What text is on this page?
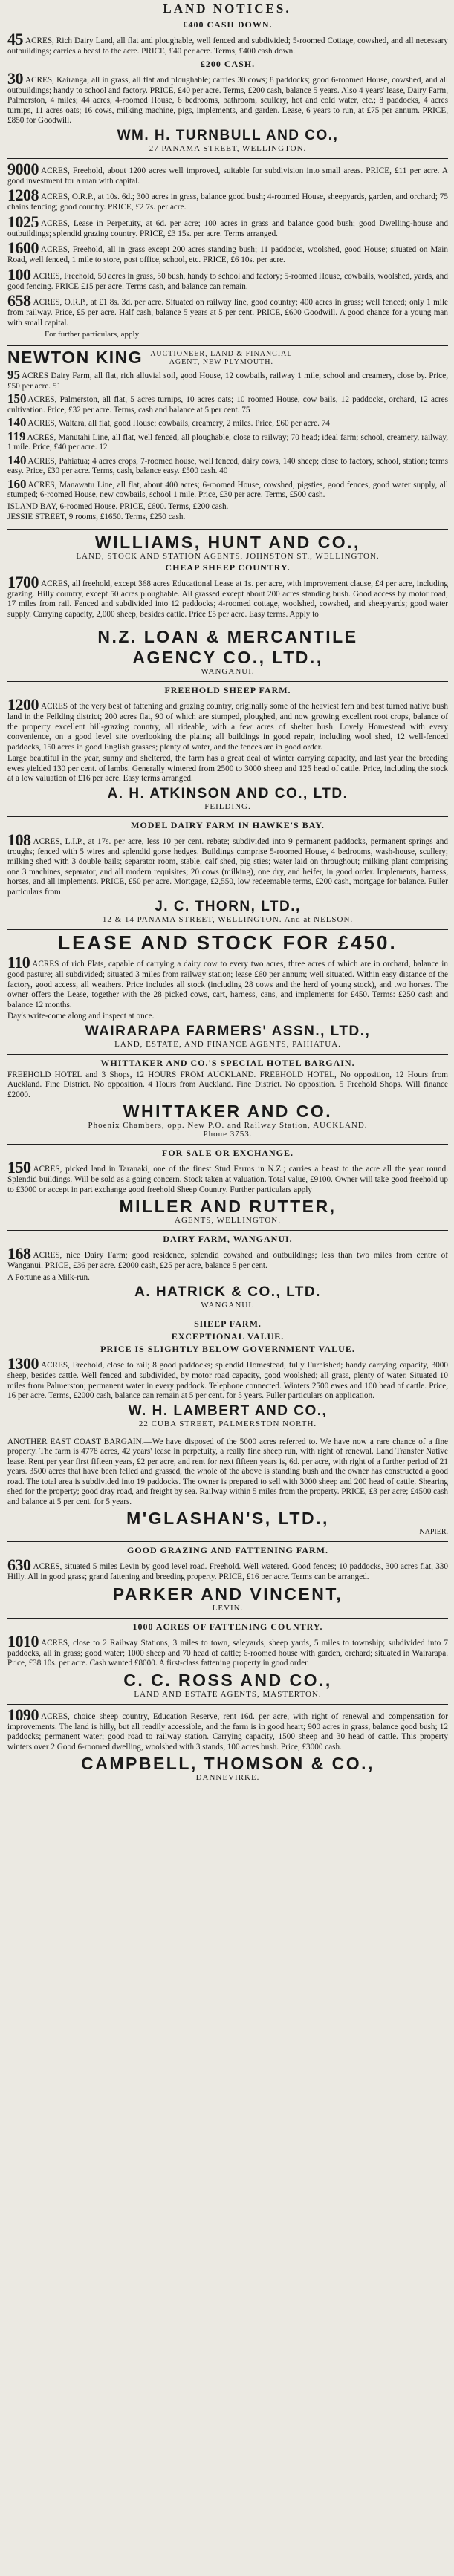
LAND NOTICES.
£400 CASH DOWN.
45 ACRES, Rich Dairy Land, all flat and ploughable, well fenced and subdivided; 5-roomed Cottage, cowshed, and all necessary outbuildings; carries a beast to the acre. PRICE, £40 per acre. Terms, £400 cash down.
£200 CASH.
30 ACRES, Kairanga, all in grass, all flat and ploughable; carries 30 cows; 8 paddocks; good 6-roomed House, cowshed, and all outbuildings; handy to school and factory. PRICE, £40 per acre. Terms, £200 cash, balance 5 years. Also 4 years' lease, Dairy Farm, Palmerston, 4 miles; 44 acres, 4-roomed House, 6 bedrooms, bathroom, scullery, hot and cold water, etc.; 8 paddocks, 4 acres turnips, 11 acres oats; 16 cows, milking machine, pigs, implements, and garden. Lease, 6 years to run, at £75 per annum. PRICE, £850 for Goodwill.
WM. H. TURNBULL AND CO.,
27 PANAMA STREET, WELLINGTON.
9000 ACRES, Freehold, about 1200 acres well improved, suitable for subdivision into small areas. PRICE, £11 per acre. A good investment for a man with capital.
1208 ACRES, O.R.P., at 10s. 6d.; 300 acres in grass, balance good bush; 4-roomed House, sheepyards, garden, and orchard; 75 chains fencing; good country. PRICE, £2 7s. per acre.
1025 ACRES, Lease in Perpetuity, at 6d. per acre; 100 acres in grass and balance good bush; good Dwelling-house and outbuildings; splendid grazing country. PRICE, £3 15s. per acre. Terms arranged.
1600 ACRES, Freehold, all in grass except 200 acres standing bush; 11 paddocks, woolshed, good House; situated on Main Road, well fenced, 1 mile to store, post office, school, etc. PRICE, £6 10s. per acre.
100 ACRES, Freehold, 50 acres in grass, 50 bush, handy to school and factory; 5-roomed House, cowbails, woolshed, yards, and good fencing. PRICE £15 per acre. Terms cash, and balance can remain.
658 ACRES, O.R.P., at £1 8s. 3d. per acre. Situated on railway line, good country; 400 acres in grass; well fenced; only 1 mile from railway. Price, £5 per acre. Half cash, balance 5 years at 5 per cent. PRICE, £600 Goodwill. A good chance for a young man with small capital.
For further particulars, apply
NEWTON KING AUCTIONEER, LAND & FINANCIAL
AGENT, NEW PLYMOUTH.
95 ACRES Dairy Farm, all flat, rich alluvial soil, good House, 12 cowbails, railway 1 mile, school and creamery, close by. Price, £50 per acre. 51
150 ACRES, Palmerston, all flat, 5 acres turnips, 10 acres oats; 10 roomed House, cow bails, 12 paddocks, orchard, 12 acres cultivation. Price, £32 per acre. Terms, cash and balance at 5 per cent. 75
140 ACRES, Waitara, all flat, good House; cowbails, creamery, 2 miles. Price, £60 per acre. 74
119 ACRES, Manutahi Line, all flat, well fenced, all ploughable, close to railway; 70 head; ideal farm; school, creamery, railway, 1 mile. Price, £40 per acre. 12
140 ACRES, Pahiatua; 4 acres crops, 7-roomed house, well fenced, dairy cows, 140 sheep; close to factory, school, station; terms easy. Price, £30 per acre. Terms, cash, balance easy. £500 cash. 40
160 ACRES, Manawatu Line, all flat, about 400 acres; 6-roomed House, cowshed, pigsties, good fences, good water supply, all stumped; 6-roomed House, new cowbails, school 1 mile. Price, £30 per acre. Terms, £500 cash.
ISLAND BAY, 6-roomed House. PRICE, £600. Terms, £200 cash.
JESSIE STREET, 9 rooms, £1650. Terms, £250 cash.
WILLIAMS, HUNT AND CO.,
LAND, STOCK AND STATION AGENTS, JOHNSTON ST., WELLINGTON.
CHEAP SHEEP COUNTRY.
1700 ACRES, all freehold, except 368 acres Educational Lease at 1s. per acre, with improvement clause, £4 per acre, including grazing. Hilly country, except 50 acres ploughable. All grassed except about 200 acres standing bush. Good access by motor road; 17 miles from rail. Fenced and subdivided into 12 paddocks; 4-roomed cottage, woolshed, cowshed, and sheepyards; good water supply. Carrying capacity, 2,000 sheep, besides cattle. Price £5 per acre. Easy terms. Apply to
N.Z. LOAN & MERCANTILE
AGENCY CO., LTD.,
WANGANUI.
FREEHOLD SHEEP FARM.
1200 ACRES of the very best of fattening and grazing country, originally some of the heaviest fern and best turned native bush land in the Feilding district; 200 acres flat, 90 of which are stumped, ploughed, and now growing excellent root crops, balance of the property excellent hill-grazing country, all rideable, with a few acres of shelter bush. Lovely Homestead with every convenience, on a good level site overlooking the plains; all buildings in good repair, including wool shed, 12 well-fenced paddocks, 150 acres in good English grasses; plenty of water, and the fences are in good order.
Large beautiful in the year, sunny and sheltered, the farm has a great deal of winter carrying capacity, and last year the breeding ewes yielded 130 per cent. of lambs. Generally wintered from 2500 to 3000 sheep and 125 head of cattle. Price, including the stock at a low valuation of £16 per acre. Easy terms arranged.
A. H. ATKINSON AND CO., LTD.
FEILDING.
MODEL DAIRY FARM IN HAWKE'S BAY.
108 ACRES, L.I.P., at 17s. per acre, less 10 per cent. rebate; subdivided into 9 permanent paddocks, permanent springs and troughs; fenced with 5 wires and splendid gorse hedges. Buildings comprise 5-roomed House, 4 bedrooms, wash-house, scullery; milking shed with 3 double bails; separator room, stable, calf shed, pig sties; water laid on throughout; milking plant comprising one 3 machines, separator, and all modern requisites; 20 cows (milking), one dry, and heifer, in good order. Implements, harness, horses, and all implements. PRICE, £50 per acre. Mortgage, £2,550, low redeemable terms, £200 cash, mortgage for balance. Fuller particulars from
J. C. THORN, LTD.,
12 & 14 PANAMA STREET, WELLINGTON. And at NELSON.
LEASE AND STOCK FOR £450.
110 ACRES of rich Flats, capable of carrying a dairy cow to every two acres, three acres of which are in orchard, balance in good pasture; all subdivided; situated 3 miles from railway station; lease £60 per annum; well situated. Within easy distance of the factory, good access, all weathers. Price includes all stock (including 28 cows and the herd of young stock), and two horses. The owner offers the Lease, together with the 28 picked cows, cart, harness, cans, and implements for £450. Terms: £250 cash and balance 12 months.
Day's write-come along and inspect at once.
WAIRARAPA FARMERS' ASSN., LTD.,
LAND, ESTATE, AND FINANCE AGENTS, PAHIATUA.
WHITTAKER AND CO.'S SPECIAL HOTEL BARGAIN.
FREEHOLD HOTEL and 3 Shops, 12 HOURS FROM AUCKLAND. FREEHOLD HOTEL, No opposition, 12 Hours from Auckland. Fine District. No opposition. 4 Hours from Auckland. Fine District. No opposition. 5 Freehold Shops. Will finance £2000.
WHITTAKER AND CO.
Phoenix Chambers, opp. New P.O. and Railway Station, AUCKLAND.
Phone 3753.
FOR SALE OR EXCHANGE.
150 ACRES, picked land in Taranaki, one of the finest Stud Farms in N.Z.; carries a beast to the acre all the year round. Splendid buildings. Will be sold as a going concern. Stock taken at valuation. Total value, £9100. Owner will take good freehold up to £3000 or accept in part exchange good freehold Sheep Country. Further particulars apply
MILLER AND RUTTER,
AGENTS, WELLINGTON.
DAIRY FARM, WANGANUI.
168 ACRES, nice Dairy Farm; good residence, splendid cowshed and outbuildings; less than two miles from centre of Wanganui. PRICE, £36 per acre. £2000 cash, £25 per acre, balance 5 per cent.
A Fortune as a Milk-run.
A. HATRICK & CO., LTD.
WANGANUI.
SHEEP FARM.
EXCEPTIONAL VALUE.
PRICE IS SLIGHTLY BELOW GOVERNMENT VALUE.
1300 ACRES, Freehold, close to rail; 8 good paddocks; splendid Homestead, fully Furnished; handy carrying capacity, 3000 sheep, besides cattle. Well fenced and subdivided, by motor road capacity, good woolshed; all grass, plenty of water. Situated 10 miles from Palmerston; permanent water in every paddock. Telephone connected. Winters 2500 ewes and 100 head of cattle. Price, 16 per acre. Terms, £2000 cash, balance can remain at 5 per cent. for 5 years. Fuller particulars on application.
W. H. LAMBERT AND CO.,
22 CUBA STREET, PALMERSTON NORTH.
ANOTHER EAST COAST BARGAIN.—We have disposed of the 5000 acres referred to. We have now a rare chance of a fine property. The farm is 4778 acres, 42 years' lease in perpetuity, a really fine sheep run, with right of renewal. Land Transfer Native lease. Rent per year first fifteen years, £2 per acre, and rent for next fifteen years is, 6d. per acre, with right of a further period of 21 years. 3500 acres that have been felled and grassed, the whole of the above is standing bush and the owner has constructed a good road. The total area is subdivided into 19 paddocks. The owner is prepared to sell with 3000 sheep and 200 head of cattle. Shearing shed for the property; good dray road, and freight by sea. Railway within 5 miles from the property. PRICE, £3 per acre; £4500 cash and balance at 5 per cent. for 5 years.
M'GLASHAN'S, LTD.,
NAPIER.
GOOD GRAZING AND FATTENING FARM.
630 ACRES, situated 5 miles Levin by good level road. Freehold. Well watered. Good fences; 10 paddocks, 300 acres flat, 330 Hilly. All in good grass; grand fattening and breeding property. PRICE, £16 per acre. Terms can be arranged.
PARKER AND VINCENT,
LEVIN.
1000 ACRES OF FATTENING COUNTRY.
1010 ACRES, close to 2 Railway Stations, 3 miles to town, saleyards, sheep yards, 5 miles to township; subdivided into 7 paddocks, all in grass; good water; 1000 sheep and 70 head of cattle; 6-roomed house with garden, orchard; situated in Wairarapa. Price, £38 10s. per acre. Cash wanted £8000. A first-class fattening property in good order.
C. C. ROSS AND CO.,
LAND AND ESTATE AGENTS, MASTERTON.
1090 ACRES, choice sheep country, Education Reserve, rent 16d. per acre, with right of renewal and compensation for improvements. The land is hilly, but all readily accessible, and the farm is in good heart; 900 acres in grass, balance good bush; 12 paddocks; permanent water; good road to railway station. Carrying capacity, 1500 sheep and 30 head of cattle. This property winters over 2 Good 6-roomed dwelling, woolshed with 3 stands, 100 acres bush. Price, £3000 cash.
CAMPBELL, THOMSON & CO.,
DANNEVIRKE.
